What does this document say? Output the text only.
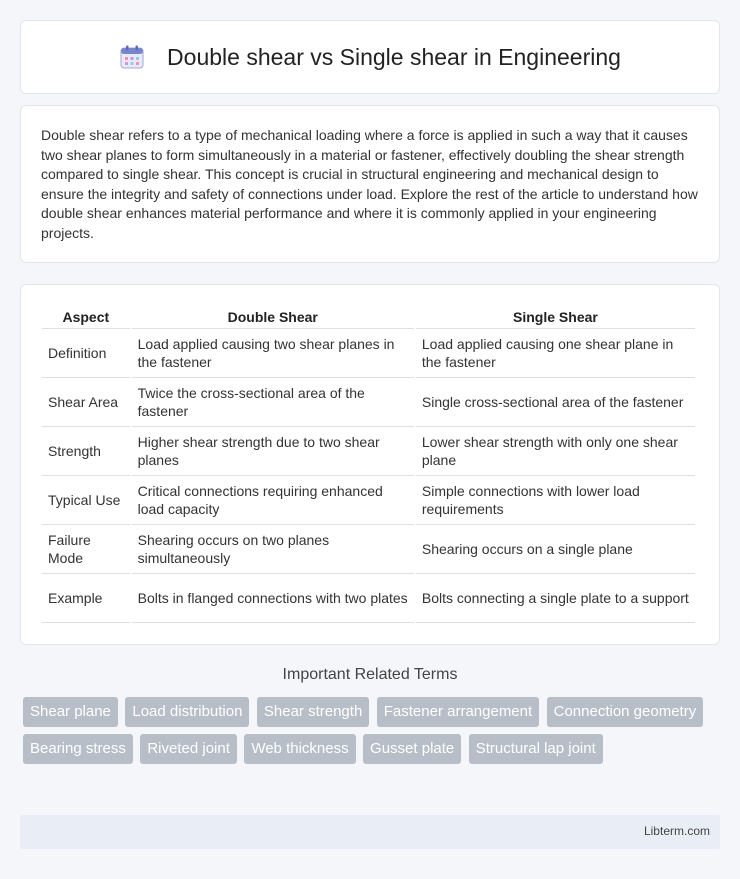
Double shear vs Single shear in Engineering

Double shear refers to a type of mechanical loading where a force is applied in such a way that it causes two shear planes to form simultaneously in a material or fastener, effectively doubling the shear strength compared to single shear. This concept is crucial in structural engineering and mechanical design to ensure the integrity and safety of connections under load. Explore the rest of the article to understand how double shear enhances material performance and where it is commonly applied in your engineering projects.

Aspect	Double Shear	Single Shear
Definition	Load applied causing two shear planes in the fastener	Load applied causing one shear plane in the fastener
Shear Area	Twice the cross-sectional area of the fastener	Single cross-sectional area of the fastener
Strength	Higher shear strength due to two shear planes	Lower shear strength with only one shear plane
Typical Use	Critical connections requiring enhanced load capacity	Simple connections with lower load requirements
Failure Mode	Shearing occurs on two planes simultaneously	Shearing occurs on a single plane
Example	Bolts in flanged connections with two plates	Bolts connecting a single plate to a support
Important Related Terms
Shear plane Load distribution Shear strength Fastener arrangement Connection geometry Bearing stress Riveted joint Web thickness Gusset plate Structural lap joint
Libterm.com
